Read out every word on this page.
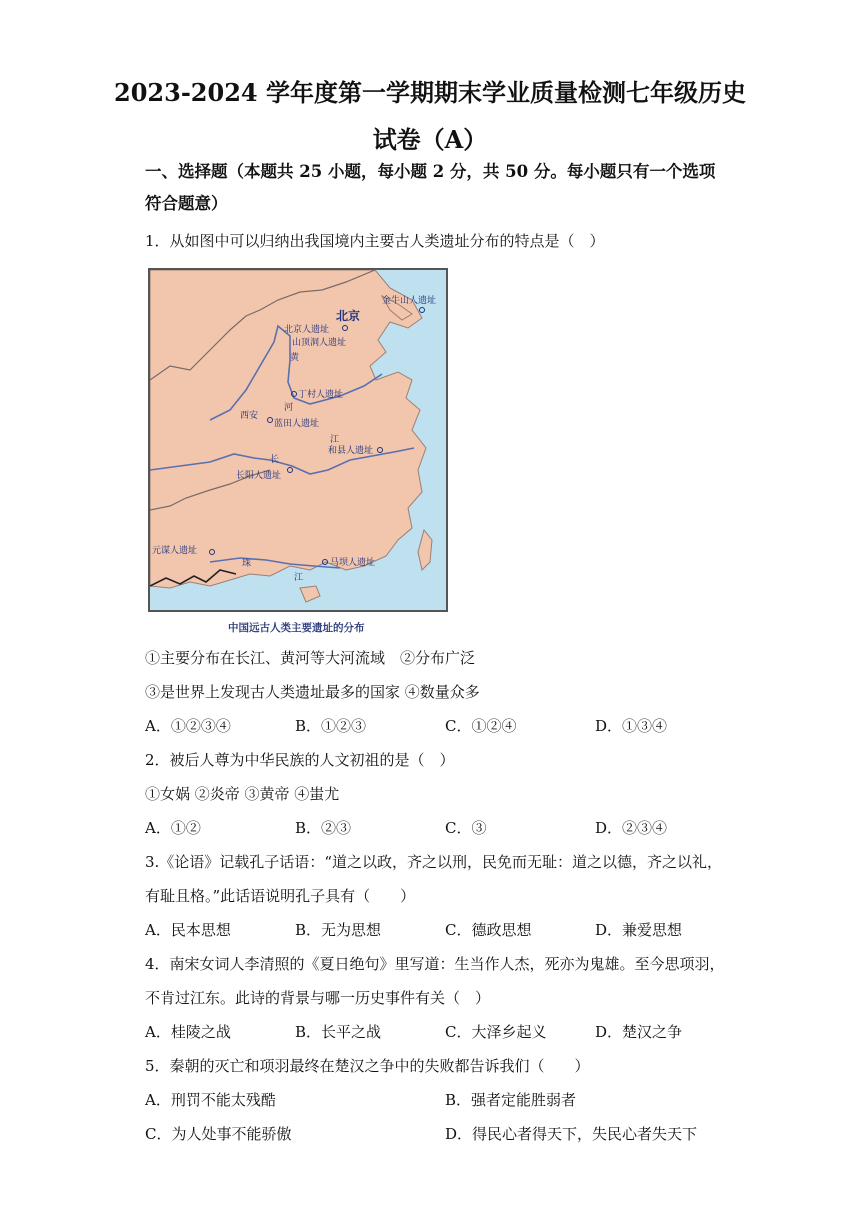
2023-2024 学年度第一学期期末学业质量检测七年级历史
试卷（A）
一、选择题（本题共 25 小题，每小题 2 分，共 50 分。每小题只有一个选项符合题意）
1．从如图中可以归纳出我国境内主要古人类遗址分布的特点是（　）
金牛山人遗址
北京
北京人遗址
山顶洞人遗址
黄
丁村人遗址
河
西安
蓝田人遗址
和县人遗址
长
江
长阳人遗址
元谋人遗址
珠
江
马坝人遗址
中国远古人类主要遗址的分布
①主要分布在长江、黄河等大河流域　②分布广泛
③是世界上发现古人类遗址最多的国家 ④数量众多
A．①②③④	B．①②③	C．①②④	D．①③④
2．被后人尊为中华民族的人文初祖的是（　）
①女娲 ②炎帝 ③黄帝 ④蚩尤
A．①②	B．②③	C．③	D．②③④
3.《论语》记载孔子话语：“道之以政，齐之以刑，民免而无耻：道之以德，齐之以礼，
有耻且格。”此话语说明孔子具有（　　）
A．民本思想	B．无为思想	C．德政思想	D．兼爱思想
4．南宋女词人李清照的《夏日绝句》里写道：生当作人杰，死亦为鬼雄。至今思项羽，
不肯过江东。此诗的背景与哪一历史事件有关（　）
A．桂陵之战	B．长平之战	C．大泽乡起义	D．楚汉之争
5．秦朝的灭亡和项羽最终在楚汉之争中的失败都告诉我们（　　）
A．刑罚不能太残酷	B．强者定能胜弱者
C．为人处事不能骄傲	D．得民心者得天下，失民心者失天下
